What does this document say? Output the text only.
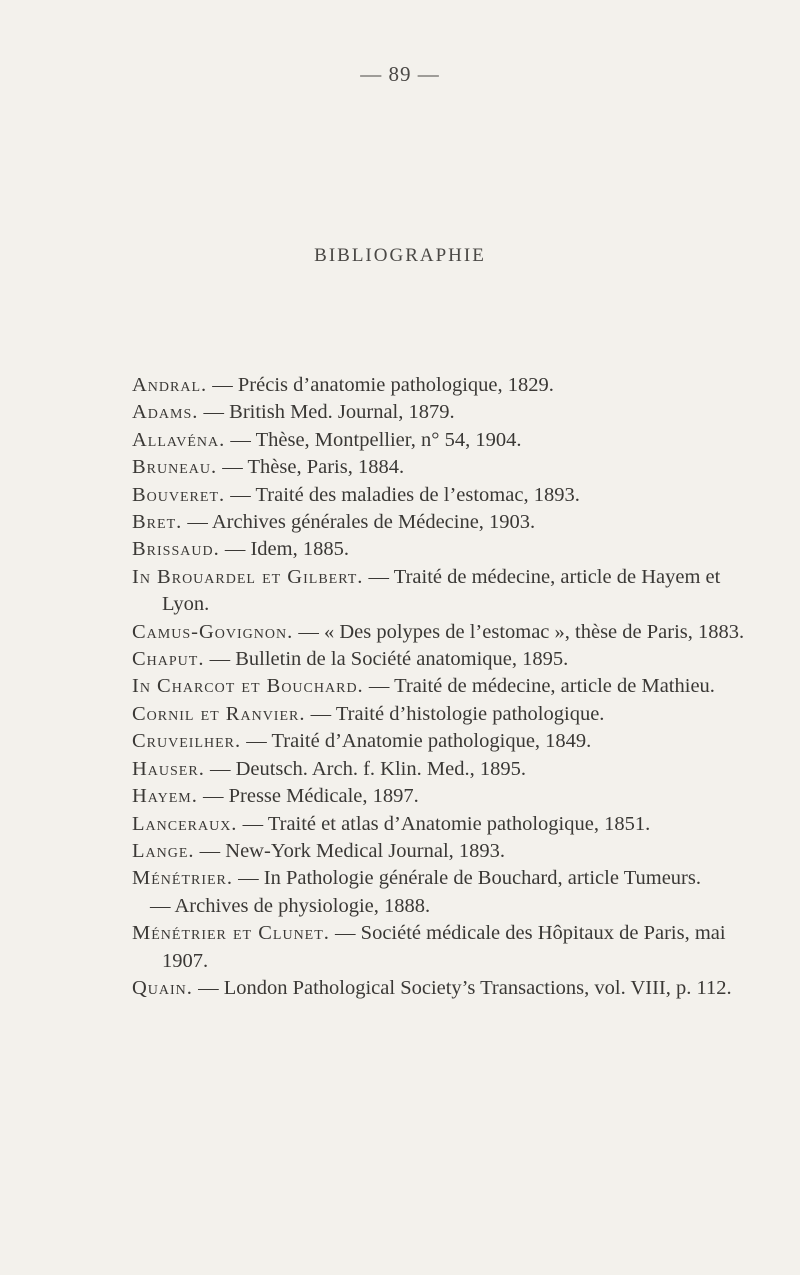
— 89 —
BIBLIOGRAPHIE
Andral. — Précis d’anatomie pathologique, 1829.
Adams. — British Med. Journal, 1879.
Allavéna. — Thèse, Montpellier, n° 54, 1904.
Bruneau. — Thèse, Paris, 1884.
Bouveret. — Traité des maladies de l’estomac, 1893.
Bret. — Archives générales de Médecine, 1903.
Brissaud. — Idem, 1885.
In Brouardel et Gilbert. — Traité de médecine, article de Hayem et Lyon.
Camus-Govignon. — « Des polypes de l’estomac », thèse de Paris, 1883.
Chaput. — Bulletin de la Société anatomique, 1895.
In Charcot et Bouchard. — Traité de médecine, article de Mathieu.
Cornil et Ranvier. — Traité d’histologie pathologique.
Cruveilher. — Traité d’Anatomie pathologique, 1849.
Hauser. — Deutsch. Arch. f. Klin. Med., 1895.
Hayem. — Presse Médicale, 1897.
Lanceraux. — Traité et atlas d’Anatomie pathologique, 1851.
Lange. — New-York Medical Journal, 1893.
Ménétrier. — In Pathologie générale de Bouchard, article Tumeurs.
— Archives de physiologie, 1888.
Ménétrier et Clunet. — Société médicale des Hôpitaux de Paris, mai 1907.
Quain. — London Pathological Society’s Transactions, vol. VIII, p. 112.
